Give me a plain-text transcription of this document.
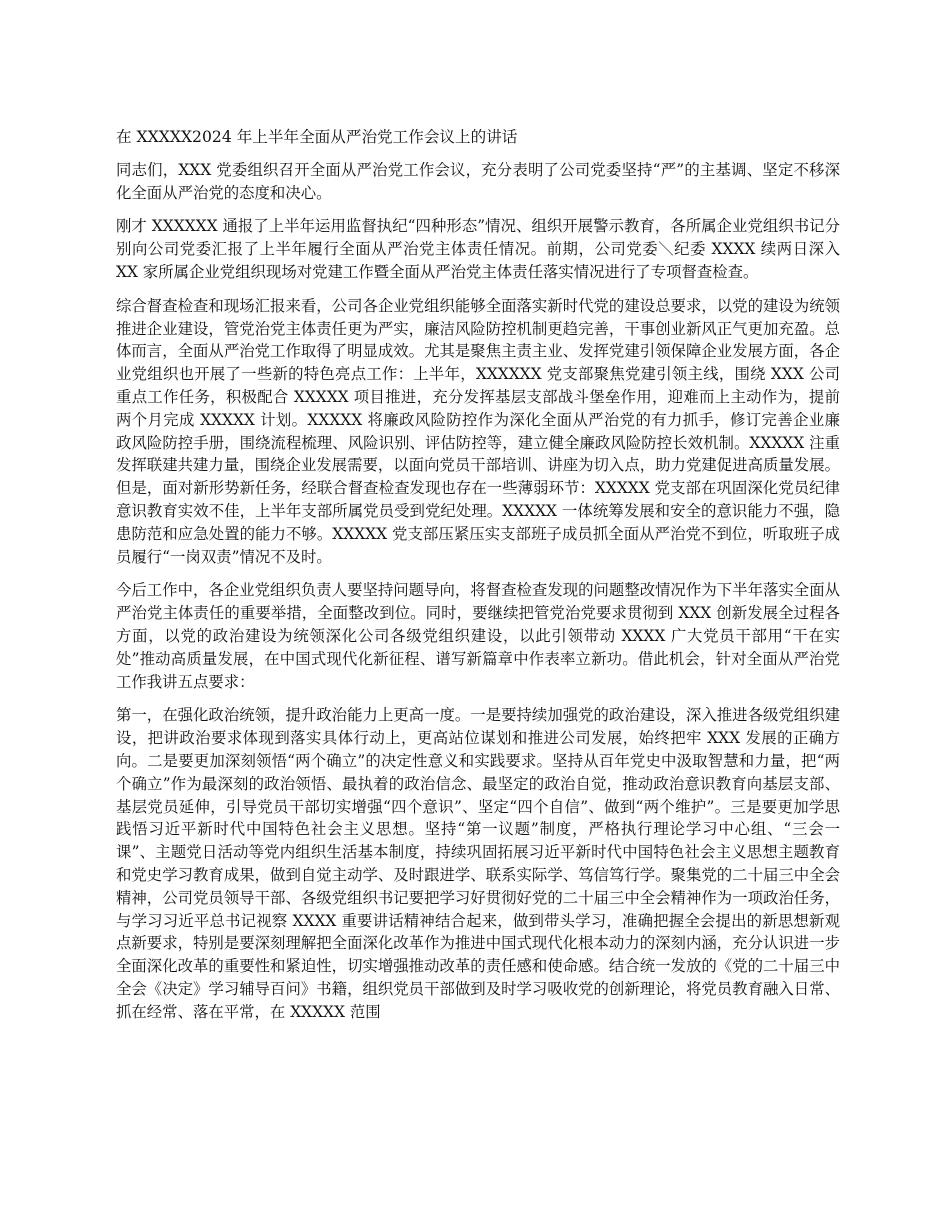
在 XXXXX2024 年上半年全面从严治党工作会议上的讲话

同志们，XXX 党委组织召开全面从严治党工作会议，充分表明了公司党委坚持“严”的主基调、坚定不移深化全面从严治党的态度和决心。

刚才 XXXXXX 通报了上半年运用监督执纪“四种形态”情况、组织开展警示教育，各所属企业党组织书记分别向公司党委汇报了上半年履行全面从严治党主体责任情况。前期，公司党委＼纪委 XXXX 续两日深入 XX 家所属企业党组织现场对党建工作暨全面从严治党主体责任落实情况进行了专项督查检查。

综合督查检查和现场汇报来看，公司各企业党组织能够全面落实新时代党的建设总要求，以党的建设为统领推进企业建设，管党治党主体责任更为严实，廉洁风险防控机制更趋完善，干事创业新风正气更加充盈。总体而言，全面从严治党工作取得了明显成效。尤其是聚焦主责主业、发挥党建引领保障企业发展方面，各企业党组织也开展了一些新的特色亮点工作：上半年，XXXXXX 党支部聚焦党建引领主线，围绕 XXX 公司重点工作任务，积极配合 XXXXX 项目推进，充分发挥基层支部战斗堡垒作用，迎难而上主动作为，提前两个月完成 XXXXX 计划。XXXXX 将廉政风险防控作为深化全面从严治党的有力抓手，修订完善企业廉政风险防控手册，围绕流程梳理、风险识别、评估防控等，建立健全廉政风险防控长效机制。XXXXX 注重发挥联建共建力量，围绕企业发展需要，以面向党员干部培训、讲座为切入点，助力党建促进高质量发展。但是，面对新形势新任务，经联合督查检查发现也存在一些薄弱环节：XXXXX 党支部在巩固深化党员纪律意识教育实效不佳，上半年支部所属党员受到党纪处理。XXXXX 一体统筹发展和安全的意识能力不强，隐患防范和应急处置的能力不够。XXXXX 党支部压紧压实支部班子成员抓全面从严治党不到位，听取班子成员履行“一岗双责”情况不及时。

今后工作中，各企业党组织负责人要坚持问题导向，将督查检查发现的问题整改情况作为下半年落实全面从严治党主体责任的重要举措，全面整改到位。同时，要继续把管党治党要求贯彻到 XXX 创新发展全过程各方面，以党的政治建设为统领深化公司各级党组织建设，以此引领带动 XXXX 广大党员干部用“干在实处”推动高质量发展，在中国式现代化新征程、谱写新篇章中作表率立新功。借此机会，针对全面从严治党工作我讲五点要求：

第一，在强化政治统领，提升政治能力上更高一度。一是要持续加强党的政治建设，深入推进各级党组织建设，把讲政治要求体现到落实具体行动上，更高站位谋划和推进公司发展，始终把牢 XXX 发展的正确方向。二是要更加深刻领悟“两个确立”的决定性意义和实践要求。坚持从百年党史中汲取智慧和力量，把“两个确立”作为最深刻的政治领悟、最执着的政治信念、最坚定的政治自觉，推动政治意识教育向基层支部、基层党员延伸，引导党员干部切实增强“四个意识”、坚定“四个自信”、做到“两个维护”。三是要更加学思践悟习近平新时代中国特色社会主义思想。坚持“第一议题”制度，严格执行理论学习中心组、“三会一课”、主题党日活动等党内组织生活基本制度，持续巩固拓展习近平新时代中国特色社会主义思想主题教育和党史学习教育成果，做到自觉主动学、及时跟进学、联系实际学、笃信笃行学。聚集党的二十届三中全会精神，公司党员领导干部、各级党组织书记要把学习好贯彻好党的二十届三中全会精神作为一项政治任务，与学习习近平总书记视察 XXXX 重要讲话精神结合起来，做到带头学习，准确把握全会提出的新思想新观点新要求，特别是要深刻理解把全面深化改革作为推进中国式现代化根本动力的深刻内涵，充分认识进一步全面深化改革的重要性和紧迫性，切实增强推动改革的责任感和使命感。结合统一发放的《党的二十届三中全会《决定》学习辅导百问》书籍，组织党员干部做到及时学习吸收党的创新理论，将党员教育融入日常、抓在经常、落在平常，在 XXXXX 范围
